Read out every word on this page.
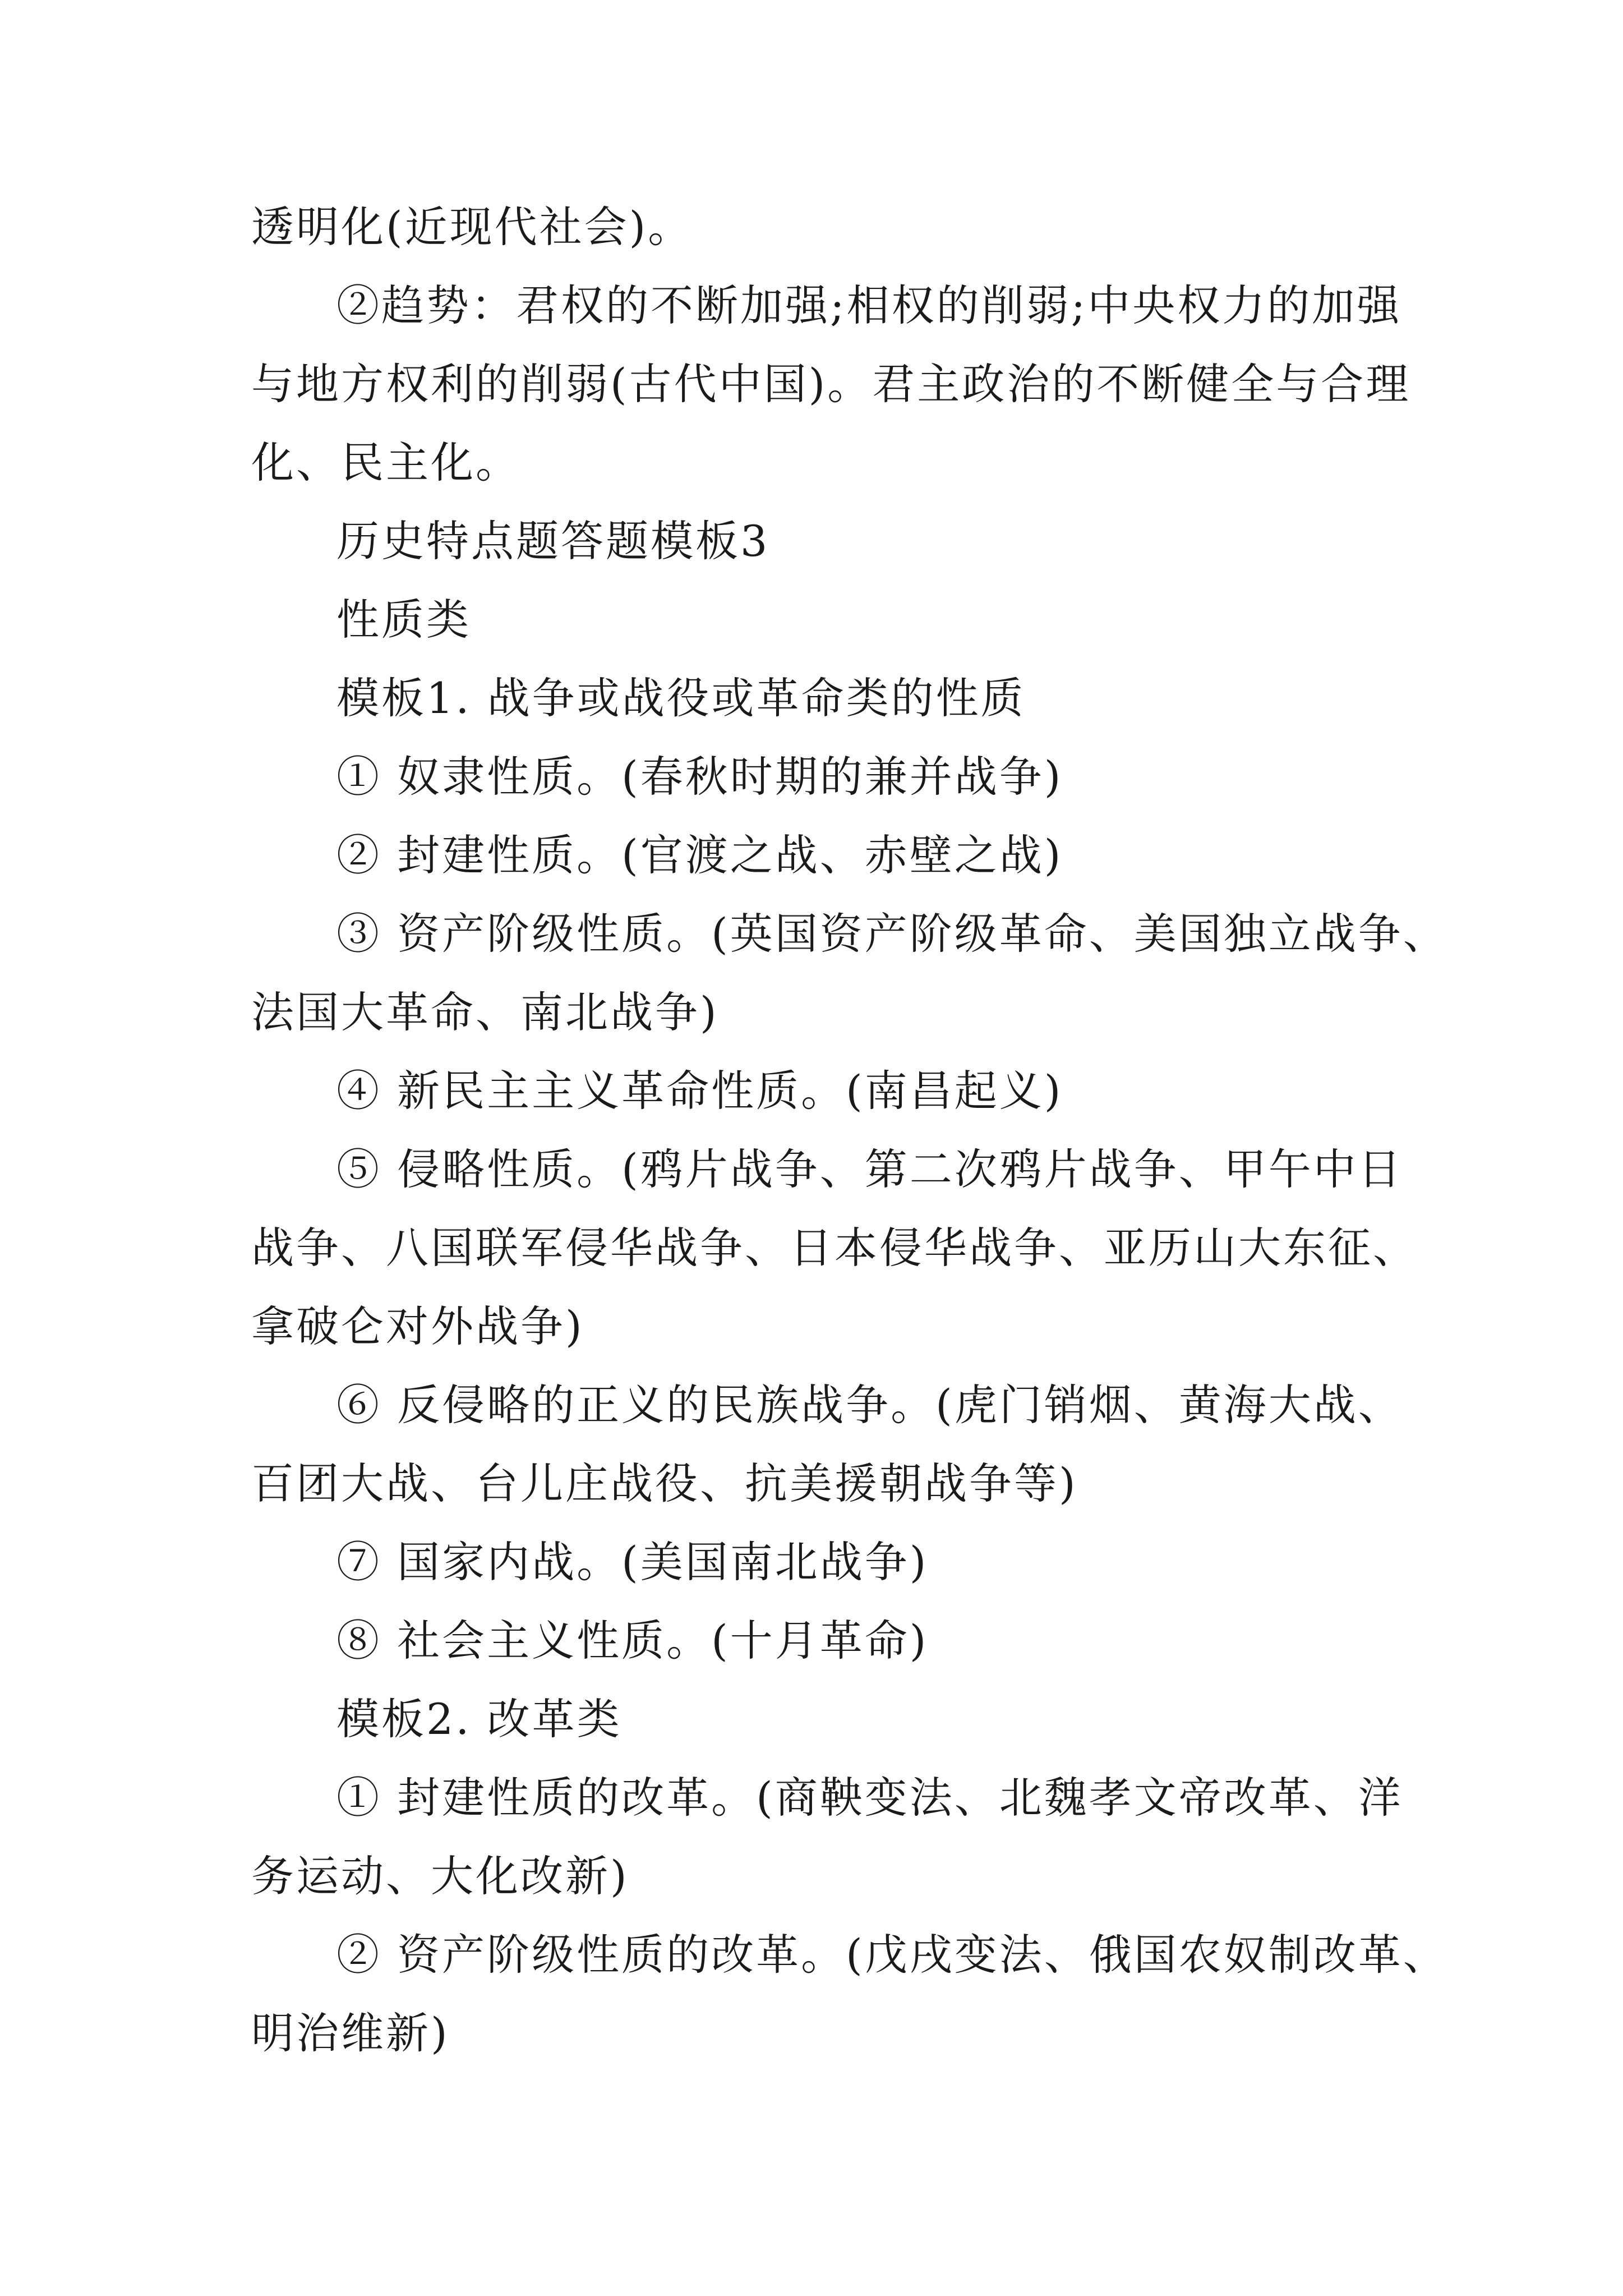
透明化(近现代社会)。
②趋势：君权的不断加强;相权的削弱;中央权力的加强
与地方权利的削弱(古代中国)。君主政治的不断健全与合理
化、民主化。
历史特点题答题模板3
性质类
模板1. 战争或战役或革命类的性质
① 奴隶性质。(春秋时期的兼并战争)
② 封建性质。(官渡之战、赤壁之战)
③ 资产阶级性质。(英国资产阶级革命、美国独立战争、
法国大革命、南北战争)
④ 新民主主义革命性质。(南昌起义)
⑤ 侵略性质。(鸦片战争、第二次鸦片战争、甲午中日
战争、八国联军侵华战争、日本侵华战争、亚历山大东征、
拿破仑对外战争)
⑥ 反侵略的正义的民族战争。(虎门销烟、黄海大战、
百团大战、台儿庄战役、抗美援朝战争等)
⑦ 国家内战。(美国南北战争)
⑧ 社会主义性质。(十月革命)
模板2. 改革类
① 封建性质的改革。(商鞅变法、北魏孝文帝改革、洋
务运动、大化改新)
② 资产阶级性质的改革。(戊戌变法、俄国农奴制改革、
明治维新)
